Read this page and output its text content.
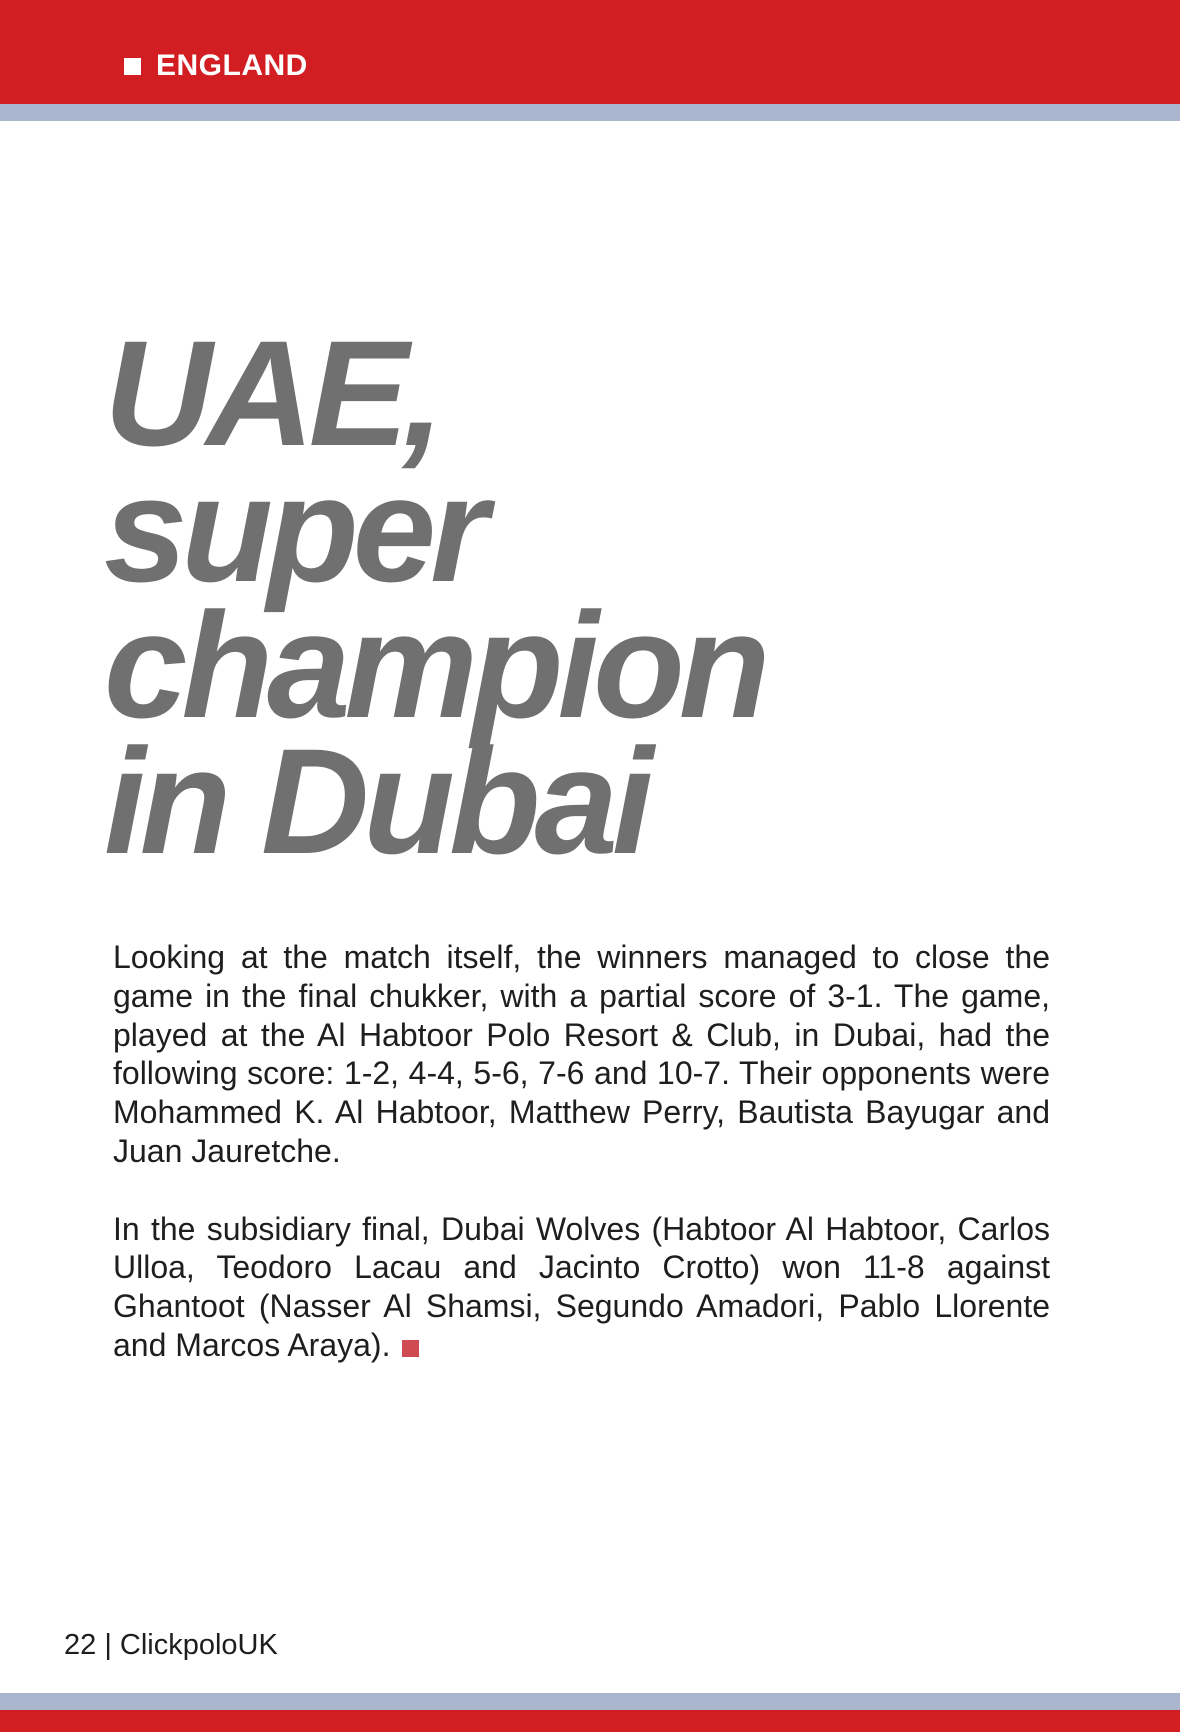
ENGLAND
UAE,
super
champion
in Dubai

Looking at the match itself, the winners managed to close the game in the final chukker, with a partial score of 3-1. The game, played at the Al Habtoor Polo Resort & Club, in Dubai, had the following score: 1-2, 4-4, 5-6, 7-6 and 10-7. Their opponents were Mohammed K. Al Habtoor, Matthew Perry, Bautista Bayugar and Juan Jauretche.

In the subsidiary final, Dubai Wolves (Habtoor Al Habtoor, Carlos Ulloa, Teodoro Lacau and Jacinto Crotto) won 11-8 against Ghantoot (Nasser Al Shamsi, Segundo Amadori, Pablo Llorente and Marcos Araya).

22 | ClickpoloUK
